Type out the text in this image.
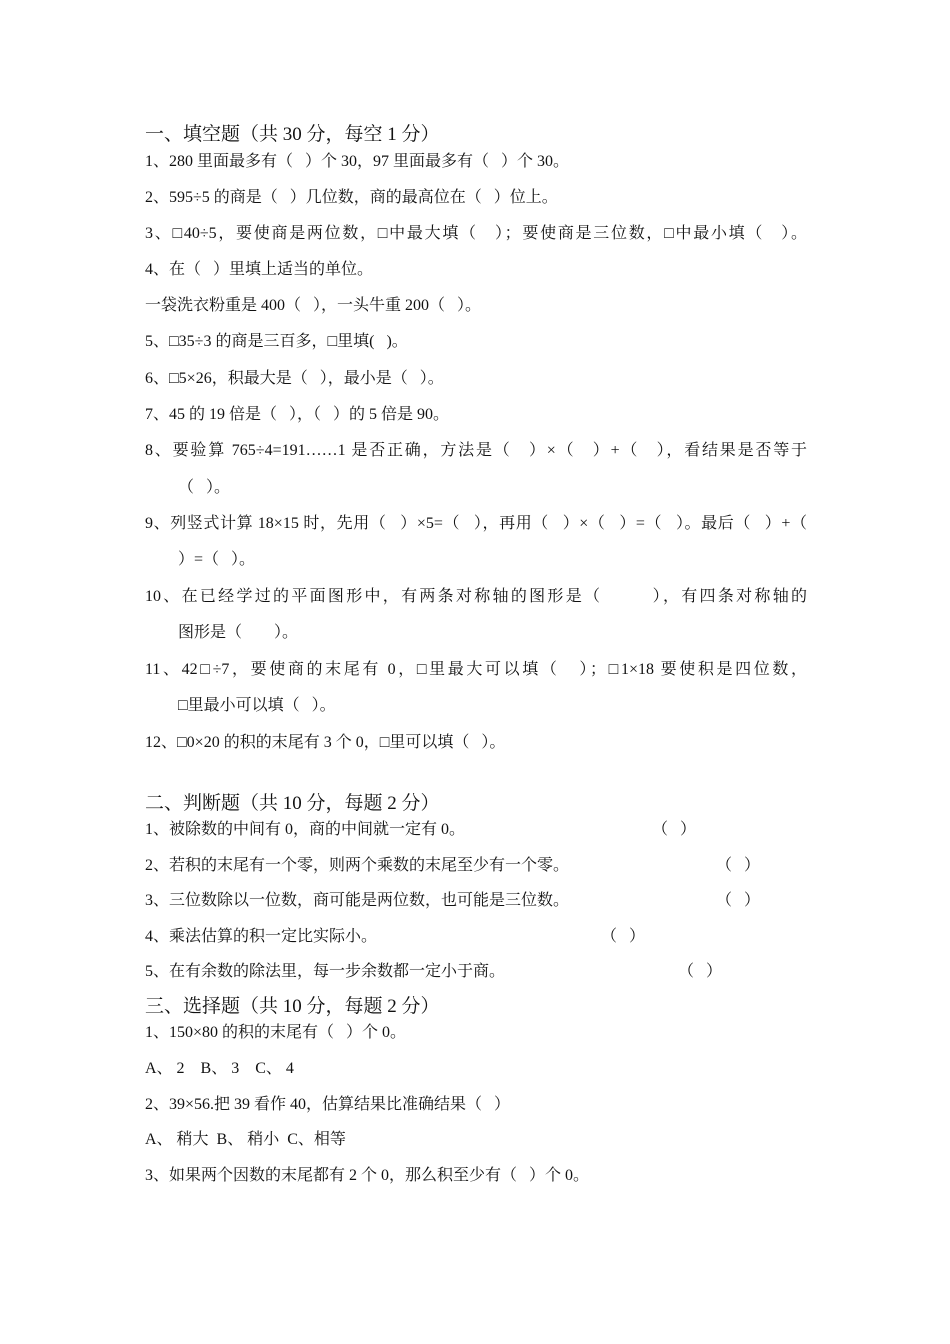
一、填空题（共 30 分，每空 1 分）
1、280 里面最多有（   ）个 30，97 里面最多有（   ）个 30。
2、595÷5 的商是（   ）几位数，商的最高位在（   ）位上。
3、□40÷5，要使商是两位数，□中最大填（   ）；要使商是三位数，□中最小填（   ）。
4、在（   ）里填上适当的单位。
一袋洗衣粉重是 400（   ），一头牛重 200（   ）。
5、□35÷3 的商是三百多，□里填(   )。
6、□5×26，积最大是（   ），最小是（   ）。
7、45 的 19 倍是（   ），（   ）的 5 倍是 90。
8、要验算 765÷4=191……1 是否正确，方法是（   ）×（   ）+（   ），看结果是否等于
（   ）。
9、列竖式计算 18×15 时，先用（   ）×5=（   ），再用（   ）×（   ）=（   ）。最后（   ）+（
）=（   ）。
10、在已经学过的平面图形中，有两条对称轴的图形是（        ），有四条对称轴的
图形是（        ）。
11、42□÷7，要使商的末尾有 0，□里最大可以填（   ）；□1×18 要使积是四位数，
□里最小可以填（   ）。
12、□0×20 的积的末尾有 3 个 0，□里可以填（   ）。
二、判断题（共 10 分，每题 2 分）
1、被除数的中间有 0，商的中间就一定有 0。	（   ）
2、若积的末尾有一个零，则两个乘数的末尾至少有一个零。	（   ）
3、三位数除以一位数，商可能是两位数，也可能是三位数。	（   ）
4、乘法估算的积一定比实际小。	（   ）
5、在有余数的除法里，每一步余数都一定小于商。	（   ）
三、选择题（共 10 分，每题 2 分）
1、150×80 的积的末尾有（   ）个 0。
A、 2    B、 3    C、 4
2、39×56.把 39 看作 40，估算结果比准确结果（   ）
A、 稍大  B、 稍小  C、相等
3、如果两个因数的末尾都有 2 个 0，那么积至少有（   ）个 0。
